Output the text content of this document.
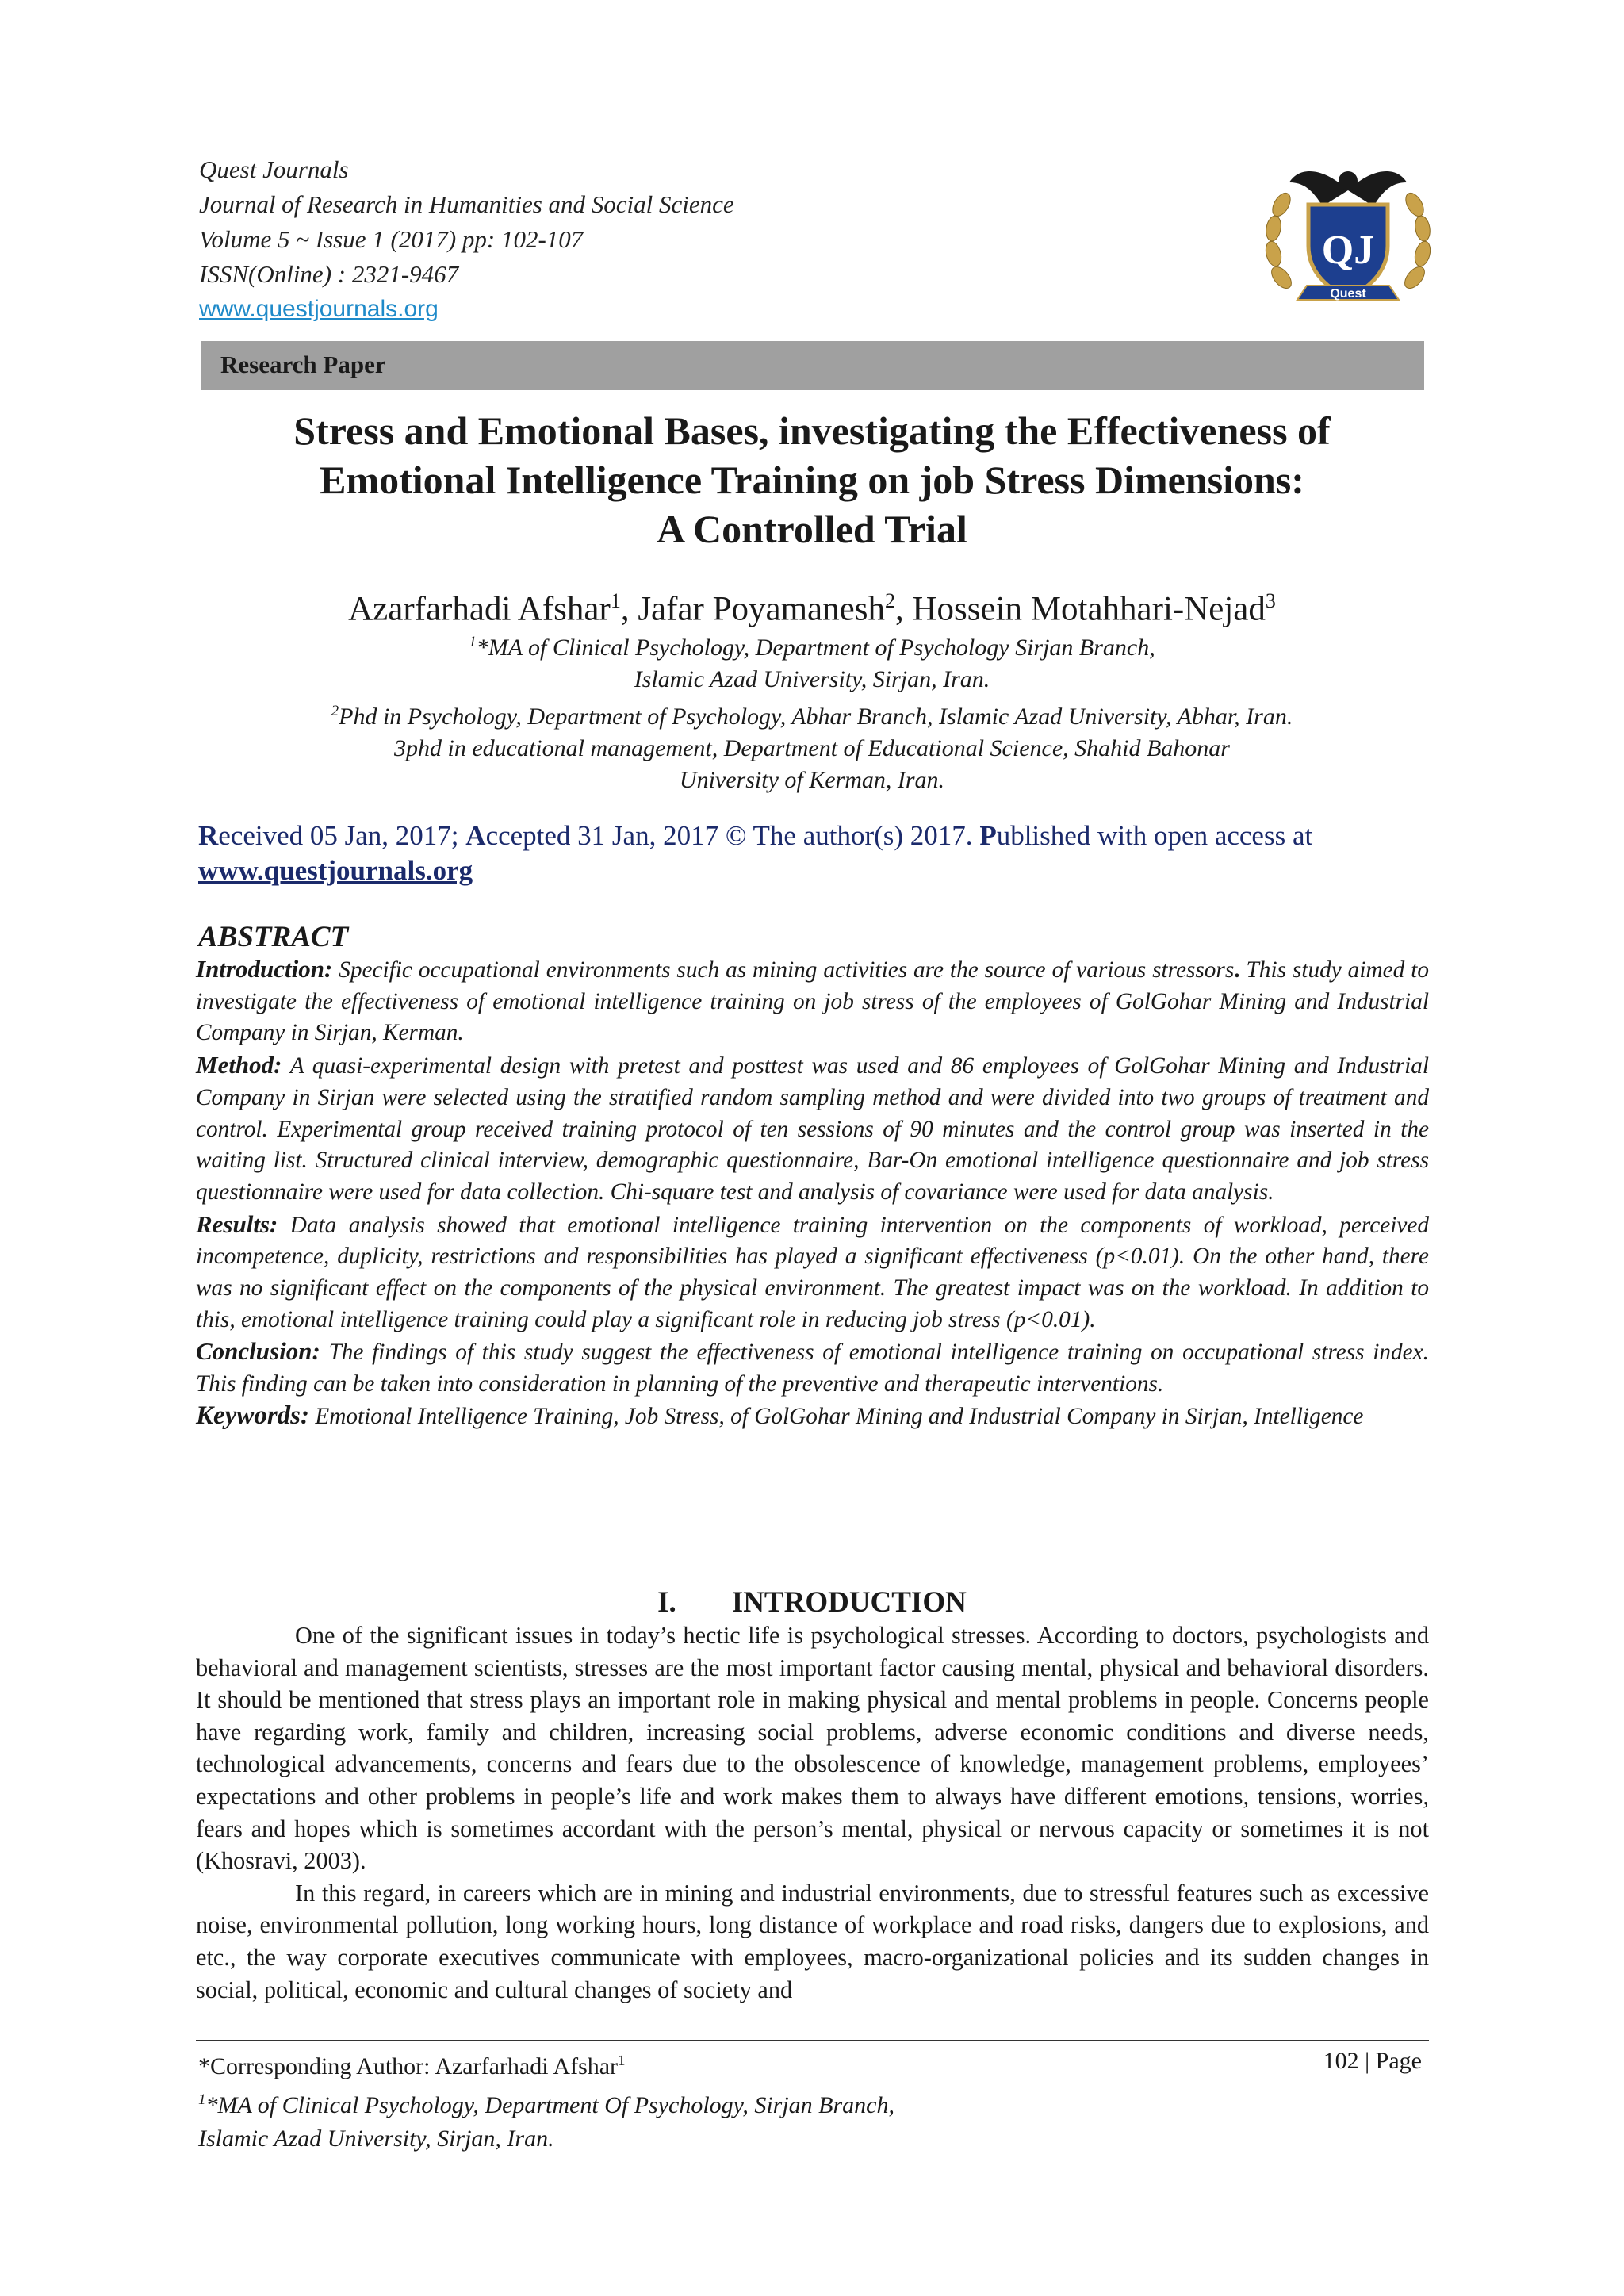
Quest Journals
Journal of Research in Humanities and Social Science
Volume 5 ~ Issue 1 (2017) pp: 102-107
ISSN(Online) : 2321-9467
www.questjournals.org
QJ
Quest
Research Paper
Stress and Emotional Bases, investigating the Effectiveness of
Emotional Intelligence Training on job Stress Dimensions:
A Controlled Trial
Azarfarhadi Afshar$^1$, Jafar Poyamanesh$^2$, Hossein Motahhari-Nejad$^3$
$^1$*MA of Clinical Psychology, Department of Psychology Sirjan Branch,
Islamic Azad University, Sirjan, Iran.
$^2$Phd in Psychology, Department of Psychology, Abhar Branch, Islamic Azad University, Abhar, Iran.
3phd in educational management, Department of Educational Science, Shahid Bahonar
University of Kerman, Iran.
Received 05 Jan, 2017; Accepted 31 Jan, 2017 © The author(s) 2017. Published with open access at
www.questjournals.org
ABSTRACT

Introduction: Specific occupational environments such as mining activities are the source of various stressors. This study aimed to investigate the effectiveness of emotional intelligence training on job stress of the employees of GolGohar Mining and Industrial Company in Sirjan, Kerman.

Method: A quasi-experimental design with pretest and posttest was used and 86 employees of GolGohar Mining and Industrial Company in Sirjan were selected using the stratified random sampling method and were divided into two groups of treatment and control. Experimental group received training protocol of ten sessions of 90 minutes and the control group was inserted in the waiting list. Structured clinical interview, demographic questionnaire, Bar-On emotional intelligence questionnaire and job stress questionnaire were used for data collection. Chi-square test and analysis of covariance were used for data analysis.

Results: Data analysis showed that emotional intelligence training intervention on the components of workload, perceived incompetence, duplicity, restrictions and responsibilities has played a significant effectiveness (p<0.01). On the other hand, there was no significant effect on the components of the physical environment. The greatest impact was on the workload. In addition to this, emotional intelligence training could play a significant role in reducing job stress (p<0.01).

Conclusion: The findings of this study suggest the effectiveness of emotional intelligence training on occupational stress index. This finding can be taken into consideration in planning of the preventive and therapeutic interventions.

Keywords: Emotional Intelligence Training, Job Stress, of GolGohar Mining and Industrial Company in Sirjan, Intelligence

I. INTRODUCTION

One of the significant issues in today’s hectic life is psychological stresses. According to doctors, psychologists and behavioral and management scientists, stresses are the most important factor causing mental, physical and behavioral disorders. It should be mentioned that stress plays an important role in making physical and mental problems in people. Concerns people have regarding work, family and children, increasing social problems, adverse economic conditions and diverse needs, technological advancements, concerns and fears due to the obsolescence of knowledge, management problems, employees’ expectations and other problems in people’s life and work makes them to always have different emotions, tensions, worries, fears and hopes which is sometimes accordant with the person’s mental, physical or nervous capacity or sometimes it is not (Khosravi, 2003).

In this regard, in careers which are in mining and industrial environments, due to stressful features such as excessive noise, environmental pollution, long working hours, long distance of workplace and road risks, dangers due to explosions, and etc., the way corporate executives communicate with employees, macro-organizational policies and its sudden changes in social, political, economic and cultural changes of society and

*Corresponding Author: Azarfarhadi Afshar$^1$
$^1$*MA of Clinical Psychology, Department Of Psychology, Sirjan Branch,
Islamic Azad University, Sirjan, Iran.
102 | Page
